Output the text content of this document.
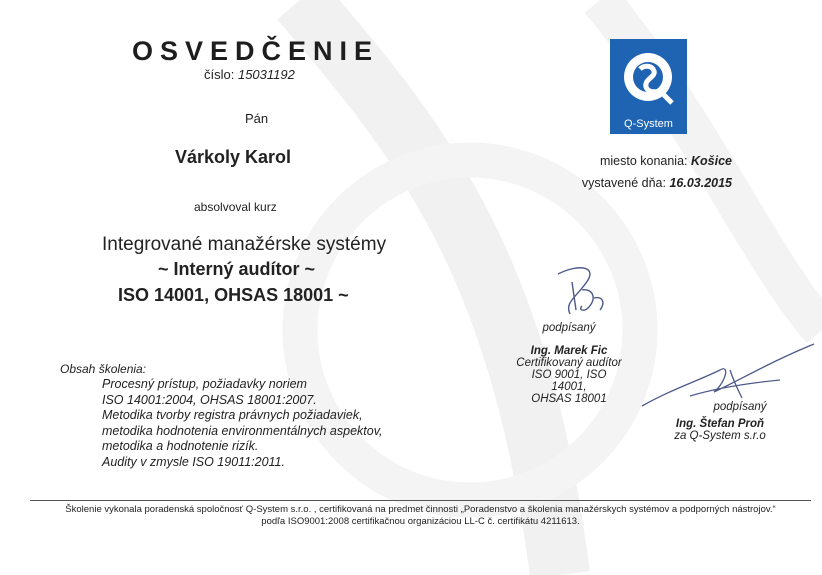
OSVEDČENIE
číslo: 15031192
Pán
Várkoly Karol
absolvoval kurz
Integrované manažérske systémy
~ Interný audítor ~
ISO 14001, OHSAS 18001 ~
Obsah školenia:
Procesný prístup, požiadavky noriem
ISO 14001:2004, OHSAS 18001:2007.
Metodika tvorby registra právnych požiadaviek,
metodika hodnotenia environmentálnych aspektov,
metodika a hodnotenie rizík.
Audity v zmysle ISO 19011:2011.
Q-System
miesto konania: Košice
vystavené dňa: 16.03.2015
podpísaný
Ing. Marek Fic
Certifikovaný audítor
ISO 9001, ISO 14001,
OHSAS 18001
podpísaný
Ing. Štefan Proň
za Q-System s.r.o
Školenie vykonala poradenská spoločnosť Q-System s.r.o. , certifikovaná na predmet činnosti „Poradenstvo a školenia manažérskych systémov a podporných nástrojov.“
podľa ISO9001:2008 certifikačnou organizáciou LL-C č. certifikátu 4211613.
